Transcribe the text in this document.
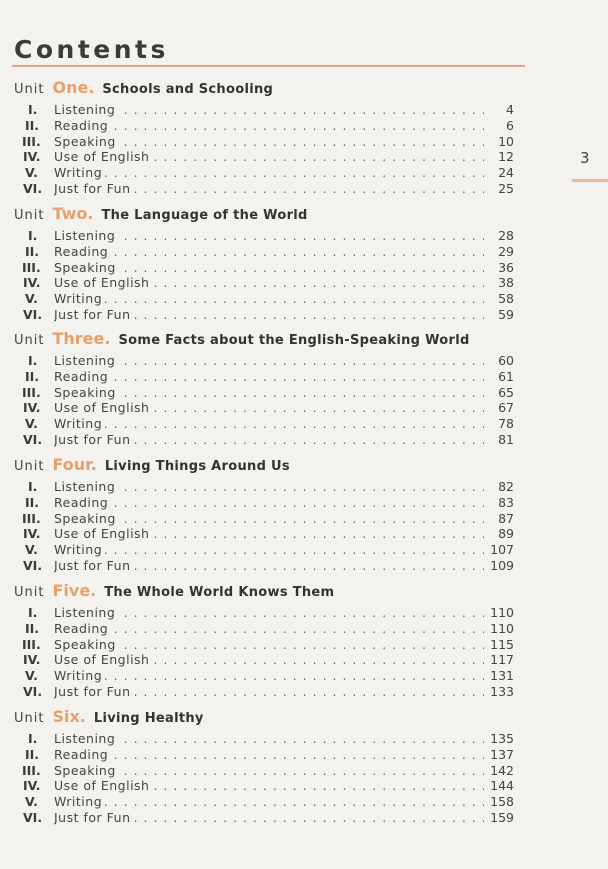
3
Contents
Unit One. Schools and Schooling
I.	Listening . . .	4
II.	Reading . . .	6
III.	Speaking . . .	10
IV.	Use of English . . .	12
V.	Writing . . .	24
VI. Just for Fun . . .	25
Unit Two. The Language of the World
I.	Listening . . .	28
II.	Reading . . .	29
III.	Speaking . . .	36
IV.	Use of English . . .	38
V.	Writing . . .	58
VI. Just for Fun . . .	59
Unit Three. Some Facts about the English-Speaking World
I.	Listening . . .	60
II.	Reading . . .	61
III.	Speaking . . .	65
IV.	Use of English . . .	67
V.	Writing . . .	78
VI. Just for Fun . . .	81
Unit Four. Living Things Around Us
I.	Listening . . .	82
II.	Reading . . .	83
III.	Speaking . . .	87
IV.	Use of English . . .	89
V.	Writing . . .	107
VI. Just for Fun . . .	109
Unit Five. The Whole World Knows Them
I.	Listening . . .	110
II.	Reading . . .	110
III.	Speaking . . .	115
IV.	Use of English . . .	117
V.	Writing . . .	131
VI. Just for Fun . . .	133
Unit Six. Living Healthy
I.	Listening . . .	135
II.	Reading . . .	137
III.	Speaking . . .	142
IV.	Use of English . . .	144
V.	Writing . . .	158
VI. Just for Fun . . .	159
